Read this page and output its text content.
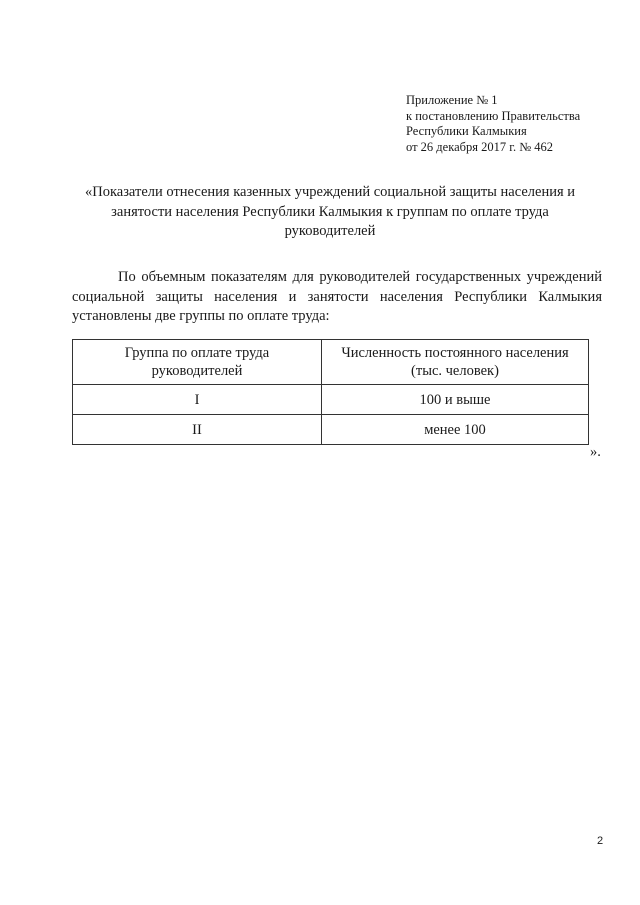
Приложение № 1
к постановлению Правительства
Республики Калмыкия
от 26 декабря 2017 г. № 462
«Показатели отнесения казенных учреждений социальной защиты населения и
занятости населения Республики Калмыкия к группам по оплате труда
руководителей
По объемным показателям для руководителей государственных учреждений социальной защиты населения и занятости населения Республики Калмыкия установлены две группы по оплате труда:
Группа по оплате труда руководителей	Численность постоянного населения (тыс. человек)
I	100 и выше
II	менее 100
».
2
